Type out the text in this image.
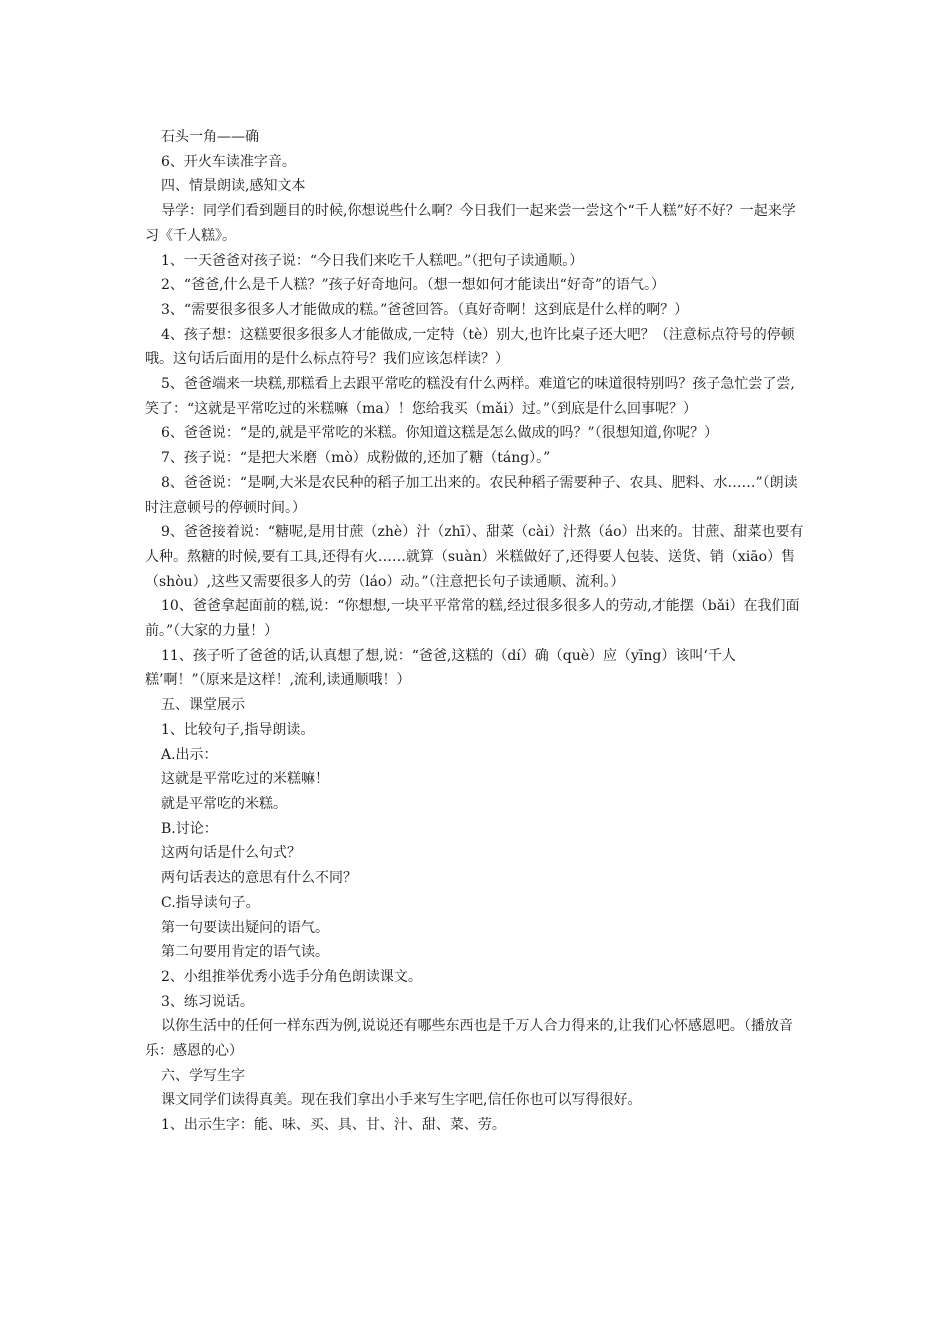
石头一角——确

6、开火车读准字音。

四、情景朗读,感知文本

导学：同学们看到题目的时候,你想说些什么啊？今日我们一起来尝一尝这个“千人糕”好不好？一起来学习《千人糕》。

1、一天爸爸对孩子说：“今日我们来吃千人糕吧。”（把句子读通顺。）

2、“爸爸,什么是千人糕？”孩子好奇地问。（想一想如何才能读出“好奇”的语气。）

3、“需要很多很多人才能做成的糕。”爸爸回答。（真好奇啊！这到底是什么样的啊？）

4、孩子想：这糕要很多很多人才能做成,一定特（tè）别大,也许比桌子还大吧？（注意标点符号的停顿哦。这句话后面用的是什么标点符号？我们应该怎样读？）

5、爸爸端来一块糕,那糕看上去跟平常吃的糕没有什么两样。难道它的味道很特别吗？孩子急忙尝了尝,笑了：“这就是平常吃过的米糕嘛（ma）！您给我买（mǎi）过。”（到底是什么回事呢？）

6、爸爸说：“是的,就是平常吃的米糕。你知道这糕是怎么做成的吗？”（很想知道,你呢？）

7、孩子说：“是把大米磨（mò）成粉做的,还加了糖（táng）。”

8、爸爸说：“是啊,大米是农民种的稻子加工出来的。农民种稻子需要种子、农具、肥料、水……”（朗读时注意顿号的停顿时间。）

9、爸爸接着说：“糖呢,是用甘蔗（zhè）汁（zhī）、甜菜（cài）汁熬（áo）出来的。甘蔗、甜菜也要有人种。熬糖的时候,要有工具,还得有火……就算（suàn）米糕做好了,还得要人包装、送货、销（xiāo）售（shòu）,这些又需要很多人的劳（láo）动。”（注意把长句子读通顺、流利。）

10、爸爸拿起面前的糕,说：“你想想,一块平平常常的糕,经过很多很多人的劳动,才能摆（bǎi）在我们面前。”（大家的力量！）

11、孩子听了爸爸的话,认真想了想,说：“爸爸,这糕的（dí）确（què）应（yīng）该叫‘千人糕’啊！”（原来是这样！,流利,读通顺哦！）

五、课堂展示

1、比较句子,指导朗读。

A.出示：

这就是平常吃过的米糕嘛！

就是平常吃的米糕。

B.讨论：

这两句话是什么句式？

两句话表达的意思有什么不同？

C.指导读句子。

第一句要读出疑问的语气。

第二句要用肯定的语气读。

2、小组推举优秀小选手分角色朗读课文。

3、练习说话。

以你生活中的任何一样东西为例,说说还有哪些东西也是千万人合力得来的,让我们心怀感恩吧。（播放音乐：感恩的心）

六、学写生字

课文同学们读得真美。现在我们拿出小手来写生字吧,信任你也可以写得很好。

1、出示生字：能、味、买、具、甘、汁、甜、菜、劳。
